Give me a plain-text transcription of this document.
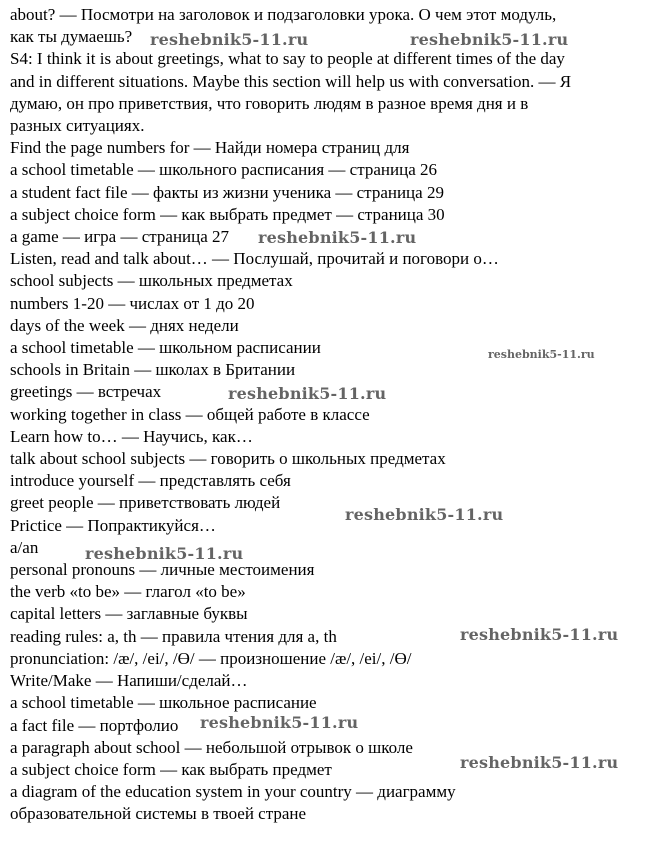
about? — Посмотри на заголовок и подзаголовки урока. О чем этот модуль,
как ты думаешь?
S4: I think it is about greetings, what to say to people at different times of the day
and in different situations. Maybe this section will help us with conversation. — Я
думаю, он про приветствия, что говорить людям в разное время дня и в
разных ситуациях.
Find the page numbers for — Найди номера страниц для
a school timetable — школьного расписания — страница 26
a student fact file — факты из жизни ученика — страница 29
a subject choice form — как выбрать предмет — страница 30
a game — игра — страница 27
Listen, read and talk about… — Послушай, прочитай и поговори о…
school subjects — школьных предметах
numbers 1-20 — числах от 1 до 20
days of the week — днях недели
a school timetable — школьном расписании
schools in Britain — школах в Британии
greetings — встречах
working together in class — общей работе в классе
Learn how to… — Научись, как…
talk about school subjects — говорить о школьных предметах
introduce yourself — представлять себя
greet people — приветствовать людей
Prictice — Попрактикуйся…
a/an
personal pronouns — личные местоимения
the verb «to be» — глагол «to be»
capital letters — заглавные буквы
reading rules: a, th — правила чтения для a, th
pronunciation: /æ/, /ei/, /Ɵ/ — произношение /æ/, /ei/, /Ɵ/
Write/Make — Напиши/сделай…
a school timetable — школьное расписание
a fact file — портфолио
a paragraph about school — небольшой отрывок о школе
a subject choice form — как выбрать предмет
a diagram of the education system in your country — диаграмму
образовательной системы в твоей стране
reshebnik5-11.ru	reshebnik5-11.ru
reshebnik5-11.ru
reshebnik5-11.ru
reshebnik5-11.ru
reshebnik5-11.ru
reshebnik5-11.ru
reshebnik5-11.ru
reshebnik5-11.ru
reshebnik5-11.ru
